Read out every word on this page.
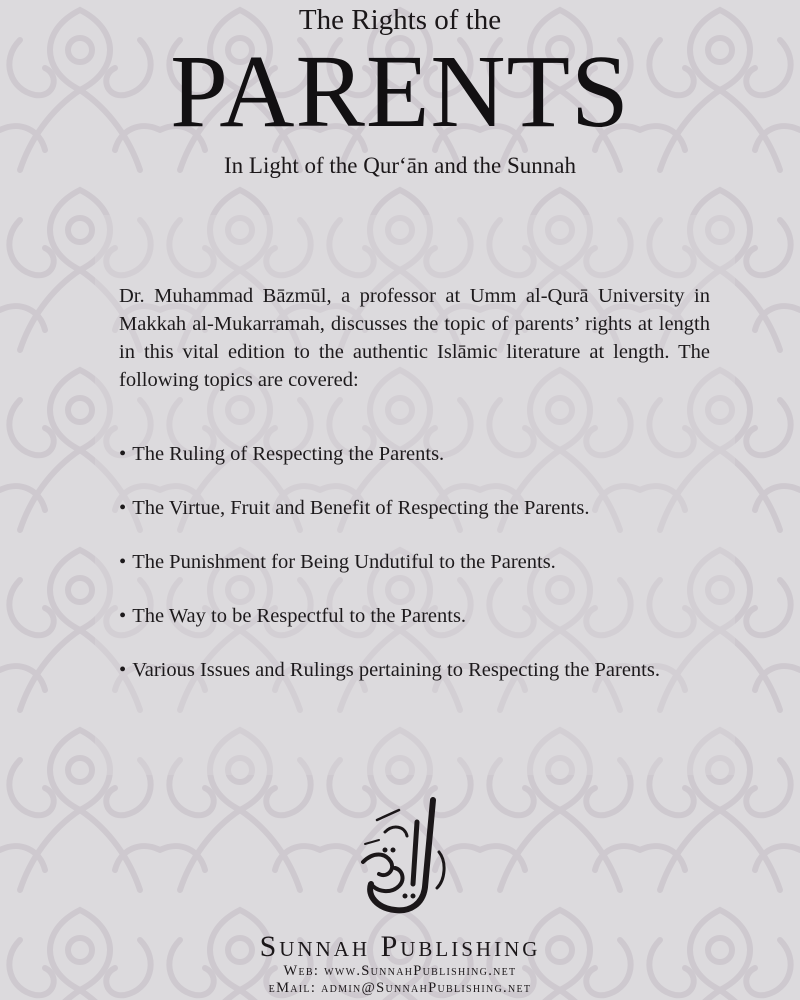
The Rights of the
PARENTS
In Light of the Qur‘ān and the Sunnah
Dr. Muhammad Bāzmūl, a professor at Umm al-Qurā University in Makkah al-Mukarramah, discusses the topic of parents’ rights at length in this vital edition to the authentic Islāmic literature at length. The following topics are covered:
• The Ruling of Respecting the Parents.
• The Virtue, Fruit and Benefit of Respecting the Parents.
• The Punishment for Being Undutiful to the Parents.
• The Way to be Respectful to the Parents.
• Various Issues and Rulings pertaining to Respecting the Parents.
Sunnah Publishing
Web: www.SunnahPublishing.net
eMail: admin@SunnahPublishing.net
